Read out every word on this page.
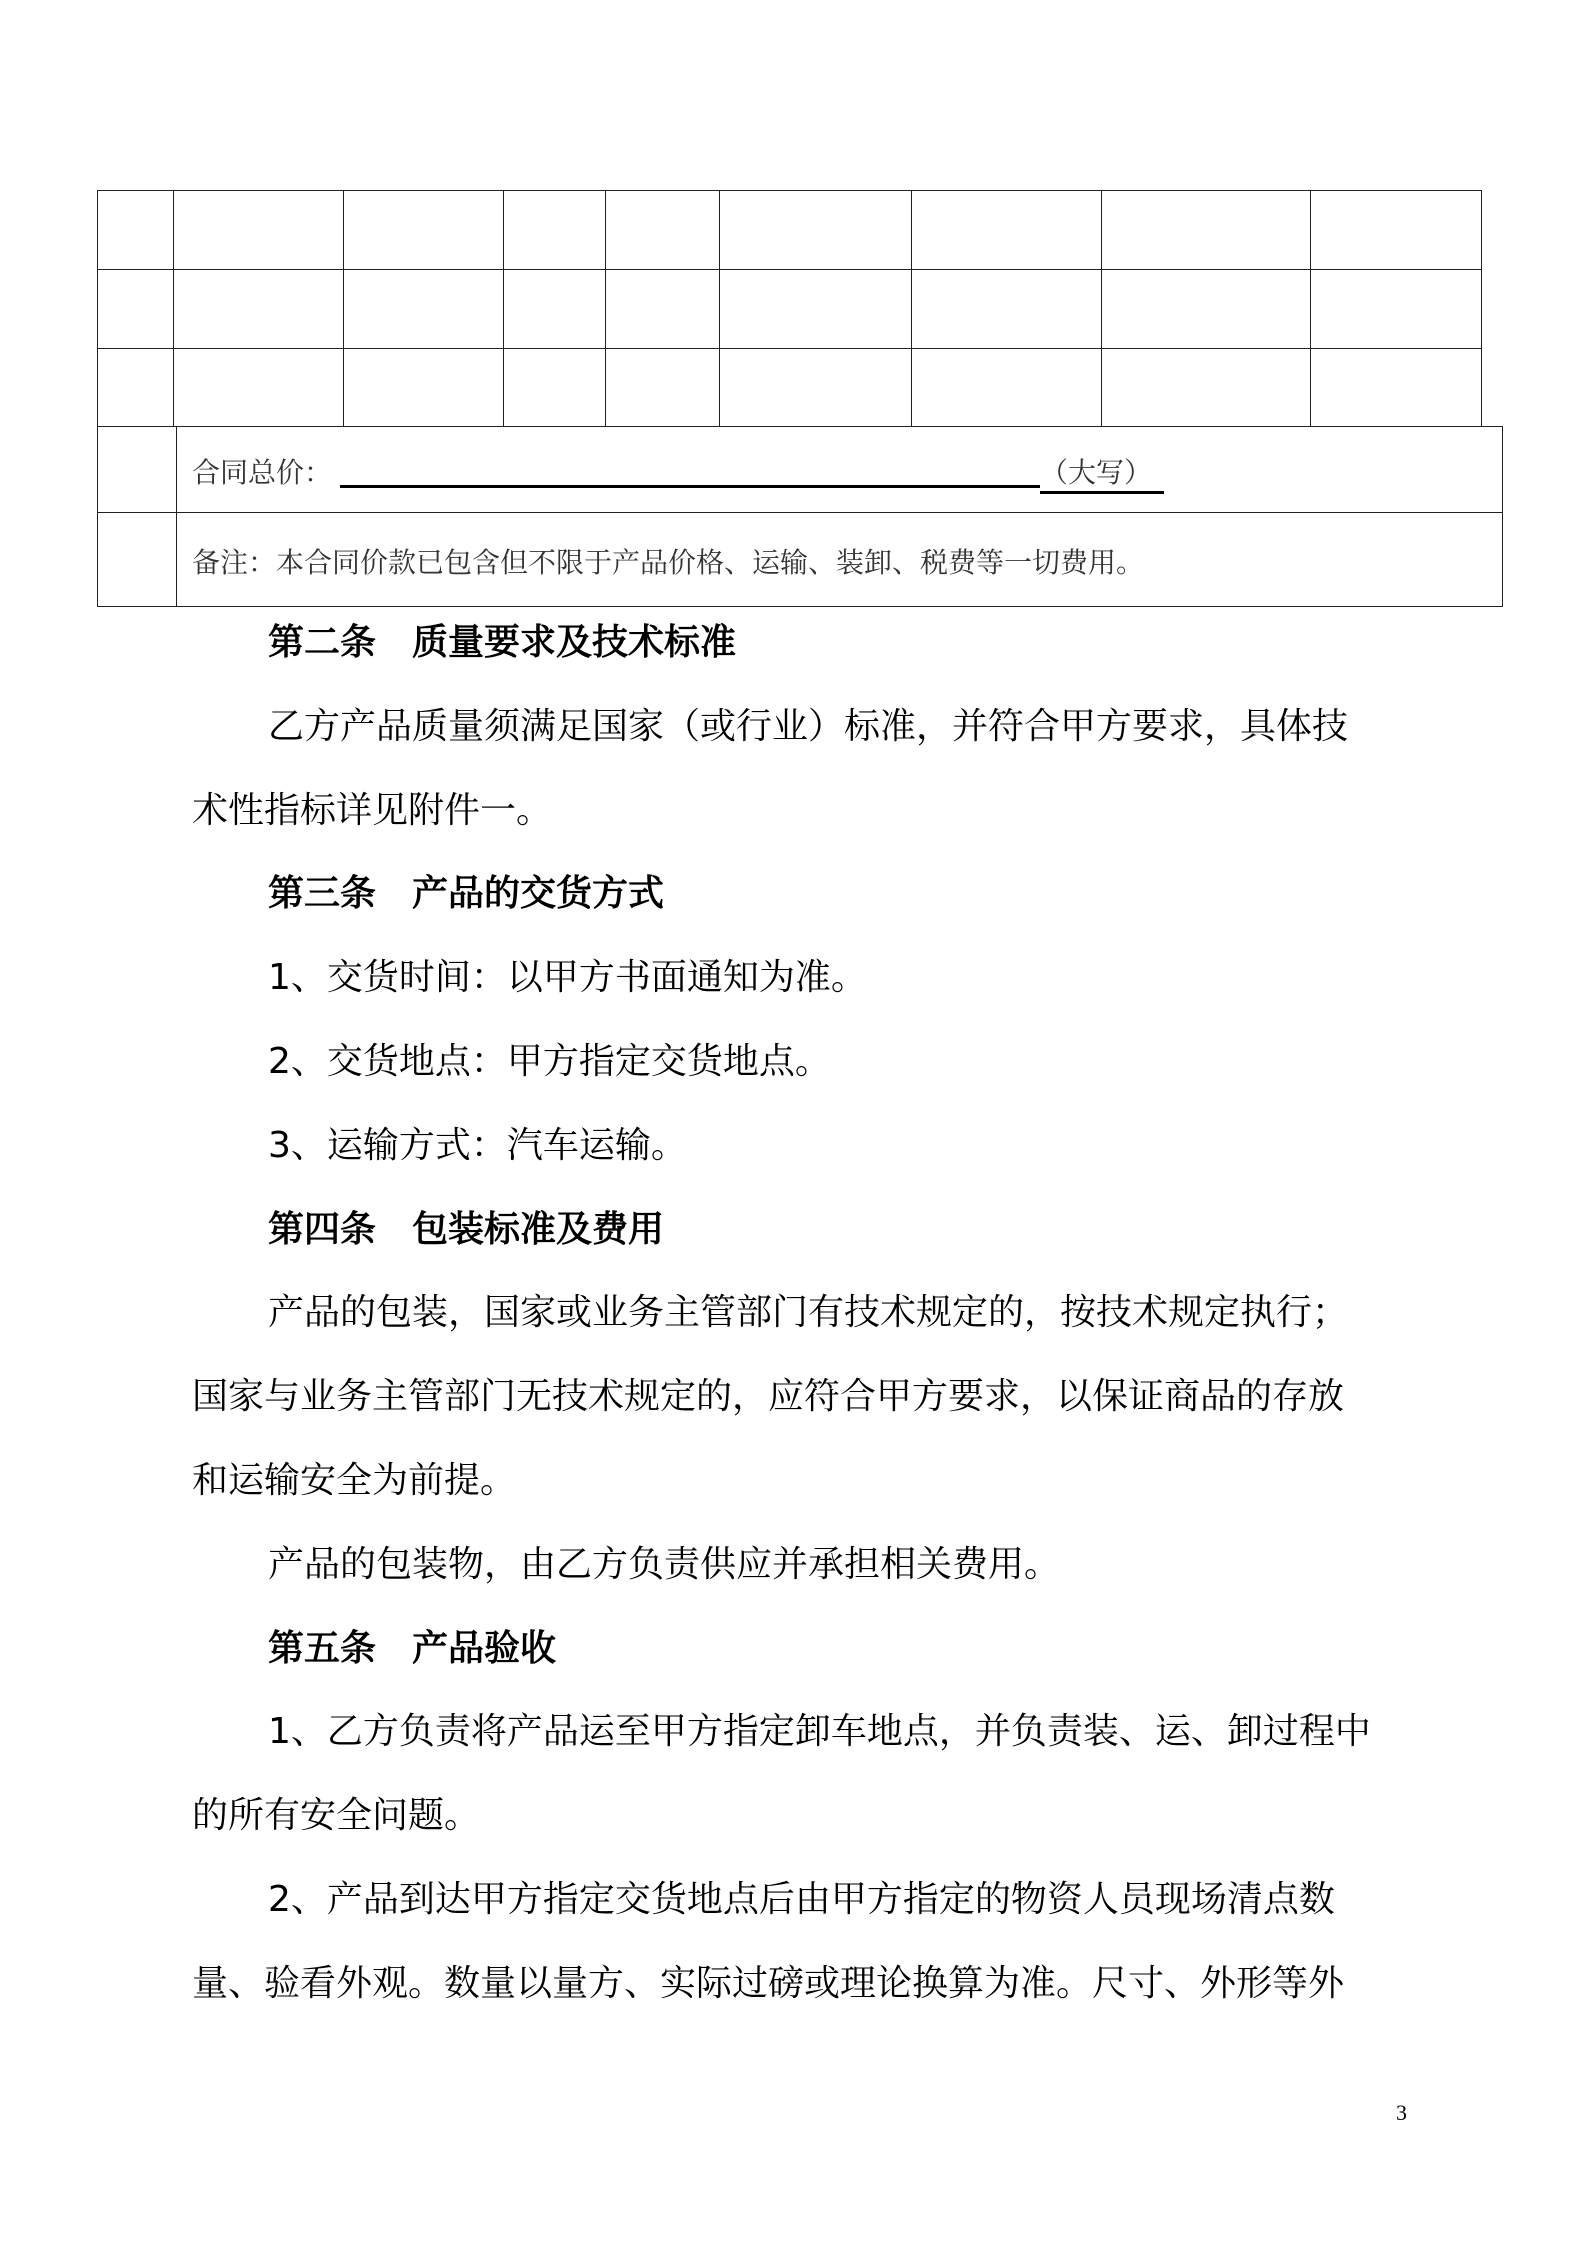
合同总价：	（大写）
备注：本合同价款已包含但不限于产品价格、运输、装卸、税费等一切费用。
第二条　质量要求及技术标准
乙方产品质量须满足国家（或行业）标准，并符合甲方要求，具体技
术性指标详见附件一。
第三条　产品的交货方式
1、交货时间：以甲方书面通知为准。
2、交货地点：甲方指定交货地点。
3、运输方式：汽车运输。
第四条　包装标准及费用
产品的包装，国家或业务主管部门有技术规定的，按技术规定执行；
国家与业务主管部门无技术规定的，应符合甲方要求，以保证商品的存放
和运输安全为前提。
产品的包装物，由乙方负责供应并承担相关费用。
第五条　产品验收
1、乙方负责将产品运至甲方指定卸车地点，并负责装、运、卸过程中
的所有安全问题。
2、产品到达甲方指定交货地点后由甲方指定的物资人员现场清点数
量、验看外观。数量以量方、实际过磅或理论换算为准。尺寸、外形等外
3
